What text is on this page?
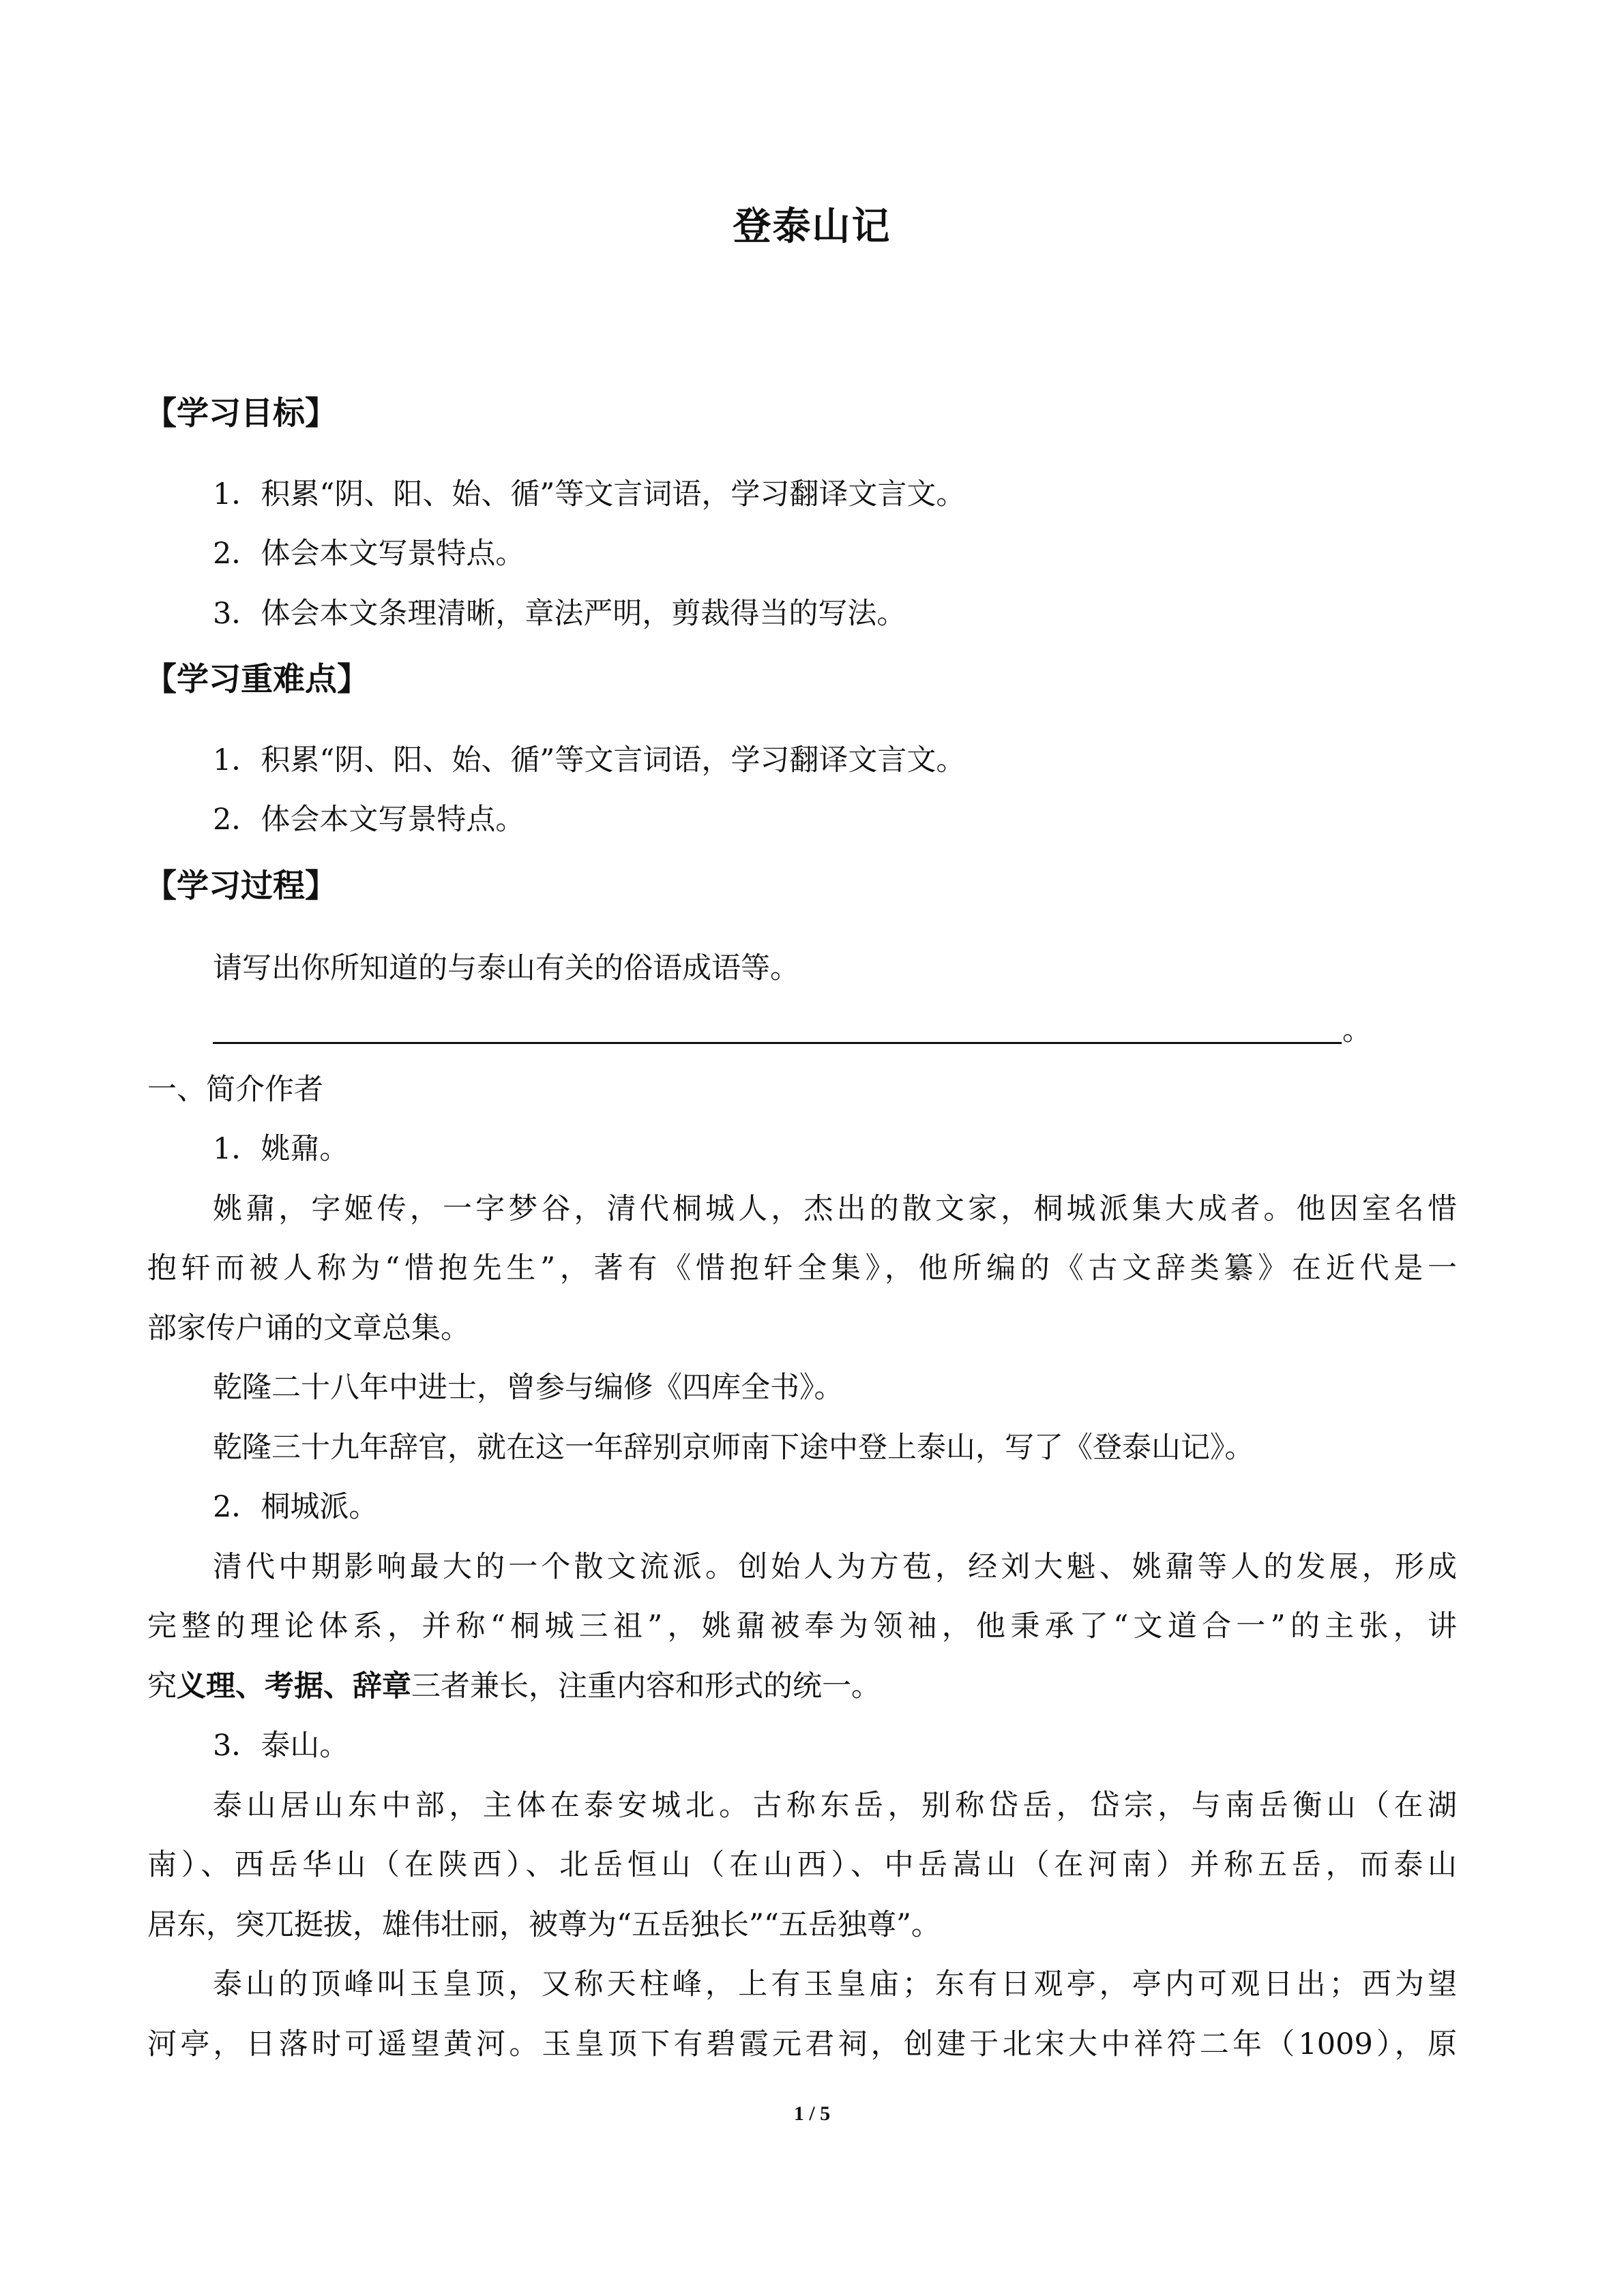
登泰山记
【学习目标】
1．积累“阴、阳、始、循”等文言词语，学习翻译文言文。
2．体会本文写景特点。
3．体会本文条理清晰，章法严明，剪裁得当的写法。
【学习重难点】
1．积累“阴、阳、始、循”等文言词语，学习翻译文言文。
2．体会本文写景特点。
【学习过程】
请写出你所知道的与泰山有关的俗语成语等。
。
一、简介作者
1．姚鼐。
姚鼐，字姬传，一字梦谷，清代桐城人，杰出的散文家，桐城派集大成者。他因室名惜
抱轩而被人称为“惜抱先生”，著有《惜抱轩全集》，他所编的《古文辞类纂》在近代是一
部家传户诵的文章总集。
乾隆二十八年中进士，曾参与编修《四库全书》。
乾隆三十九年辞官，就在这一年辞别京师南下途中登上泰山，写了《登泰山记》。
2．桐城派。
清代中期影响最大的一个散文流派。创始人为方苞，经刘大魁、姚鼐等人的发展，形成
完整的理论体系，并称“桐城三祖”，姚鼐被奉为领袖，他秉承了“文道合一”的主张，讲
究义理、考据、辞章三者兼长，注重内容和形式的统一。
3．泰山。
泰山居山东中部，主体在泰安城北。古称东岳，别称岱岳，岱宗，与南岳衡山（在湖
南）、西岳华山（在陕西）、北岳恒山（在山西）、中岳嵩山（在河南）并称五岳，而泰山
居东，突兀挺拔，雄伟壮丽，被尊为“五岳独长”“五岳独尊”。
泰山的顶峰叫玉皇顶，又称天柱峰，上有玉皇庙；东有日观亭，亭内可观日出；西为望
河亭，日落时可遥望黄河。玉皇顶下有碧霞元君祠，创建于北宋大中祥符二年（1009），原
1 / 5
